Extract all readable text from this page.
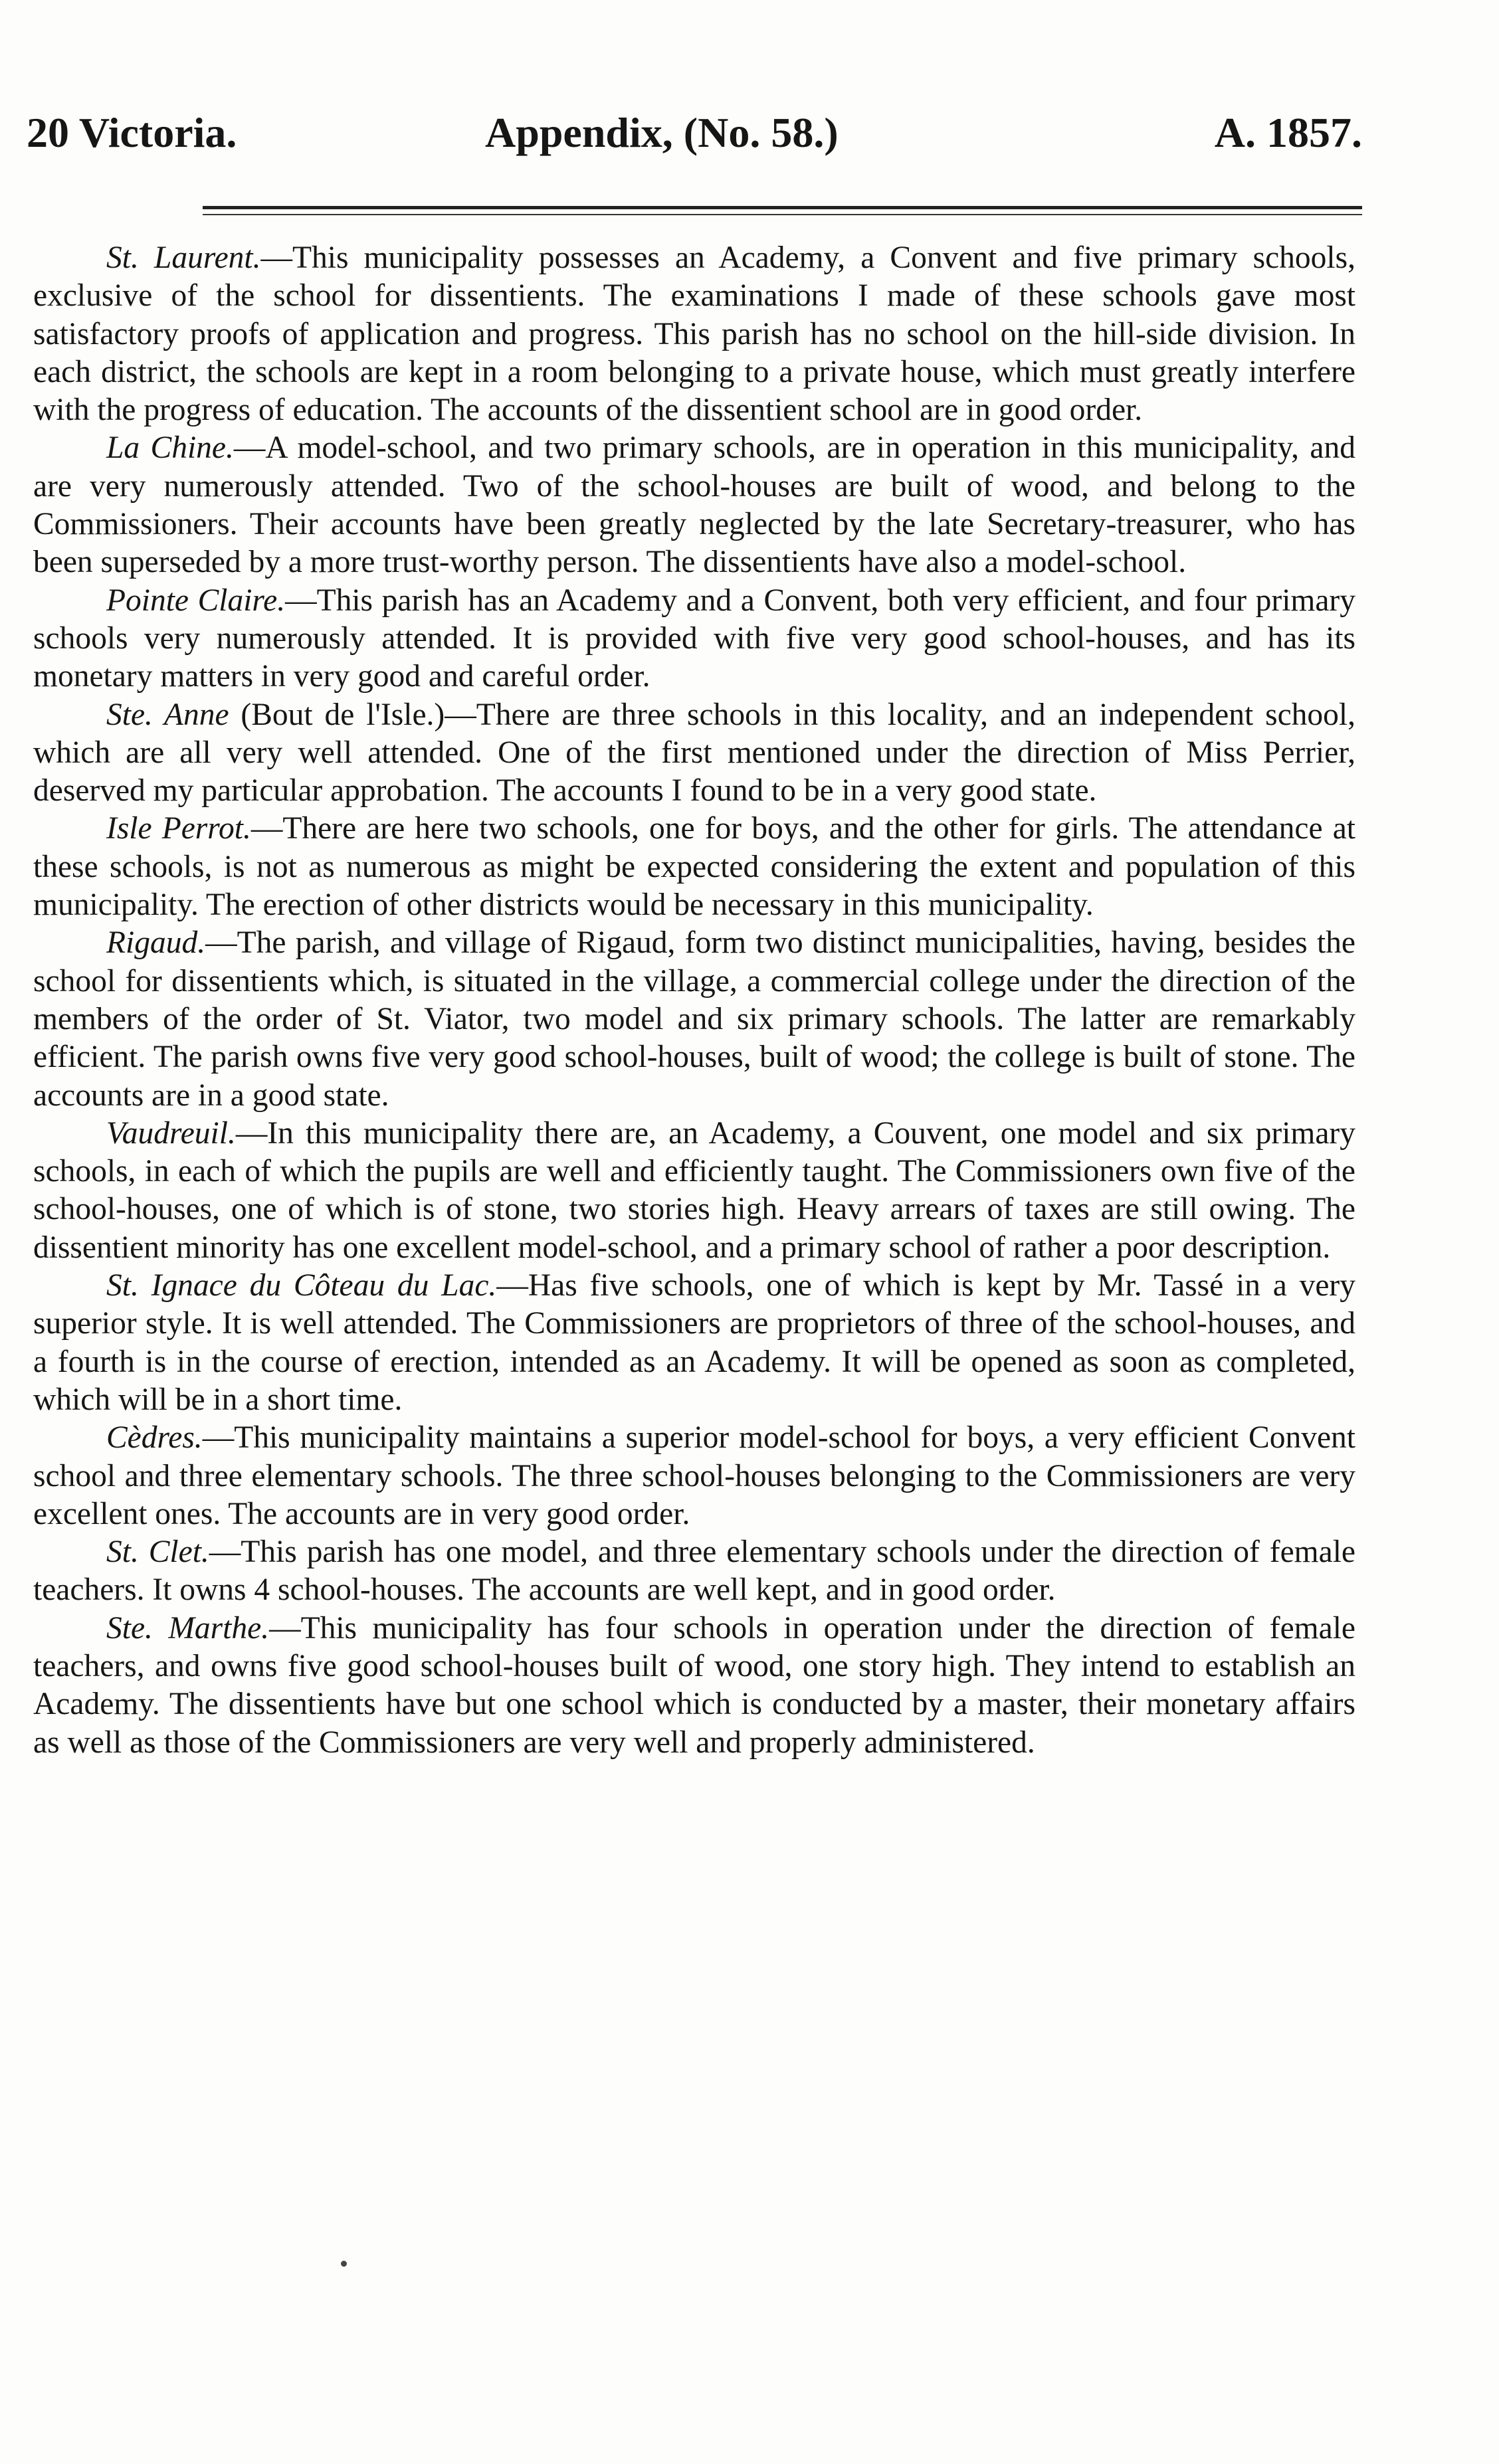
20 Victoria.	Appendix, (No. 58.)	A. 1857.

St. Laurent.—This municipality possesses an Academy, a Convent and five primary schools, exclusive of the school for dissentients. The examinations I made of these schools gave most satisfactory proofs of application and progress. This parish has no school on the hill-side division. In each district, the schools are kept in a room belonging to a private house, which must greatly interfere with the progress of education. The accounts of the dissentient school are in good order.

La Chine.—A model-school, and two primary schools, are in operation in this municipality, and are very numerously attended. Two of the school-houses are built of wood, and belong to the Commissioners. Their accounts have been greatly neglected by the late Secretary-treasurer, who has been superseded by a more trust-worthy person. The dissentients have also a model-school.

Pointe Claire.—This parish has an Academy and a Convent, both very efficient, and four primary schools very numerously attended. It is provided with five very good school-houses, and has its monetary matters in very good and careful order.

Ste. Anne (Bout de l'Isle.)—There are three schools in this locality, and an independent school, which are all very well attended. One of the first mentioned under the direction of Miss Perrier, deserved my particular approbation. The accounts I found to be in a very good state.

Isle Perrot.—There are here two schools, one for boys, and the other for girls. The attendance at these schools, is not as numerous as might be expected considering the extent and population of this municipality. The erection of other districts would be necessary in this municipality.

Rigaud.—The parish, and village of Rigaud, form two distinct municipalities, having, besides the school for dissentients which, is situated in the village, a commercial college under the direction of the members of the order of St. Viator, two model and six primary schools. The latter are remarkably efficient. The parish owns five very good school-houses, built of wood; the college is built of stone. The accounts are in a good state.

Vaudreuil.—In this municipality there are, an Academy, a Couvent, one model and six primary schools, in each of which the pupils are well and efficiently taught. The Commissioners own five of the school-houses, one of which is of stone, two stories high. Heavy arrears of taxes are still owing. The dissentient minority has one excellent model-school, and a primary school of rather a poor description.

St. Ignace du Côteau du Lac.—Has five schools, one of which is kept by Mr. Tassé in a very superior style. It is well attended. The Commissioners are proprietors of three of the school-houses, and a fourth is in the course of erection, intended as an Academy. It will be opened as soon as completed, which will be in a short time.

Cèdres.—This municipality maintains a superior model-school for boys, a very efficient Convent school and three elementary schools. The three school-houses belonging to the Commissioners are very excellent ones. The accounts are in very good order.

St. Clet.—This parish has one model, and three elementary schools under the direction of female teachers. It owns 4 school-houses. The accounts are well kept, and in good order.

Ste. Marthe.—This municipality has four schools in operation under the direction of female teachers, and owns five good school-houses built of wood, one story high. They intend to establish an Academy. The dissentients have but one school which is conducted by a master, their monetary affairs as well as those of the Commissioners are very well and properly administered.
